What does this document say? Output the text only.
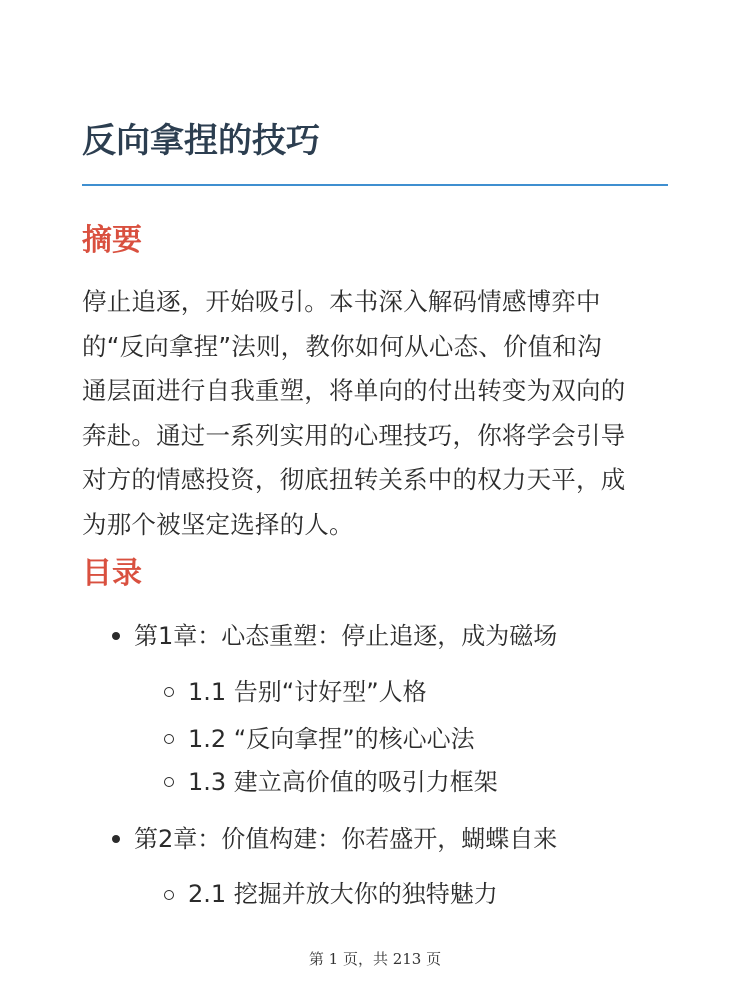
反向拿捏的技巧
摘要

停止追逐，开始吸引。本书深入解码情感博弈中
的“反向拿捏”法则，教你如何从心态、价值和沟
通层面进行自我重塑，将单向的付出转变为双向的
奔赴。通过一系列实用的心理技巧，你将学会引导
对方的情感投资，彻底扭转关系中的权力天平，成
为那个被坚定选择的人。

目录
第1章：心态重塑：停止追逐，成为磁场
1.1 告别“讨好型”人格
1.2 “反向拿捏”的核心心法
1.3 建立高价值的吸引力框架
第2章：价值构建：你若盛开，蝴蝶自来
2.1 挖掘并放大你的独特魅力
第 1 页，共 213 页
